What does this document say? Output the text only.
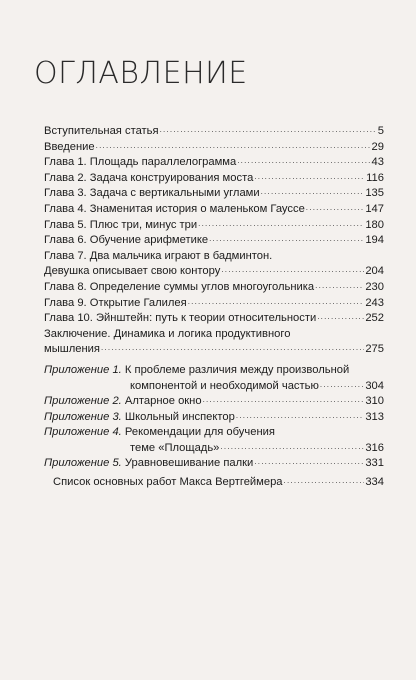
ОГЛАВЛЕНИЕ
Вступительная статья . . .	5
Введение . . .	29
Глава 1. Площадь параллелограмма . . .	43
Глава 2. Задача конструирования моста . . .	116
Глава 3. Задача с вертикальными углами . . .	135
Глава 4. Знаменитая история о маленьком Гауссе . . .	147
Глава 5. Плюс три, минус три . . .	180
Глава 6. Обучение арифметике . . .	194
Глава 7. Два мальчика играют в бадминтон.
Девушка описывает свою контору . . .	204
Глава 8. Определение суммы углов многоугольника . . .	230
Глава 9. Открытие Галилея . . .	243
Глава 10. Эйнштейн: путь к теории относительности . . .	252
Заключение. Динамика и логика продуктивного
мышления . . .	275
Приложение 1. К проблеме различия между произвольной
компонентой и необходимой частью . . .	304
Приложение 2. Алтарное окно . . .	310
Приложение 3. Школьный инспектор . . .	313
Приложение 4. Рекомендации для обучения
теме «Площадь» . . .	316
Приложение 5. Уравновешивание палки . . .	331
Список основных работ Макса Вертгеймера . . .	334
